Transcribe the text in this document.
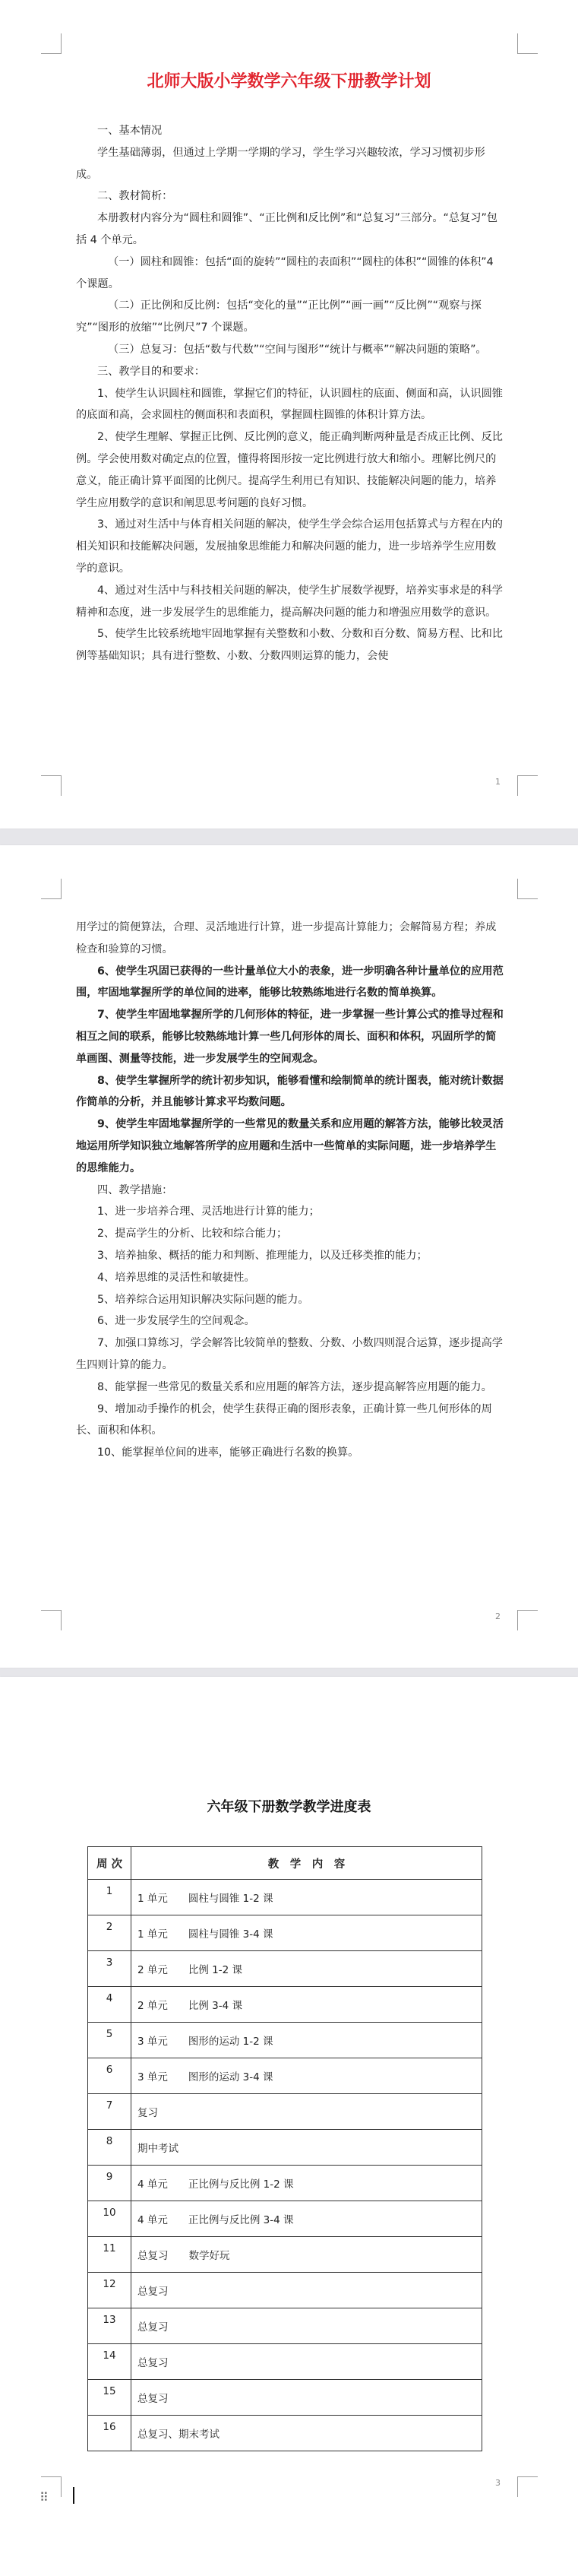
1
北师大版小学数学六年级下册教学计划

一、基本情况

学生基础薄弱，但通过上学期一学期的学习，学生学习兴趣较浓，学习习惯初步形成。

二、教材简析：

本册教材内容分为“圆柱和圆锥”、“正比例和反比例”和“总复习”三部分。“总复习”包括 4 个单元。

（一）圆柱和圆锥：包括“面的旋转”“圆柱的表面积”“圆柱的体积”“圆锥的体积”4 个课题。

（二）正比例和反比例：包括“变化的量”“正比例”“画一画”“反比例”“观察与探究”“图形的放缩”“比例尺”7 个课题。

（三）总复习：包括“数与代数”“空间与图形”“统计与概率”“解决问题的策略”。

三、教学目的和要求：

1、使学生认识圆柱和圆锥，掌握它们的特征，认识圆柱的底面、侧面和高，认识圆锥的底面和高，会求圆柱的侧面积和表面积，掌握圆柱圆锥的体积计算方法。

2、使学生理解、掌握正比例、反比例的意义，能正确判断两种量是否成正比例、反比例。学会使用数对确定点的位置，懂得将图形按一定比例进行放大和缩小。理解比例尺的意义，能正确计算平面图的比例尺。提高学生利用已有知识、技能解决问题的能力，培养学生应用数学的意识和阐思思考问题的良好习惯。

3、通过对生活中与体育相关问题的解决，使学生学会综合运用包括算式与方程在内的相关知识和技能解决问题，发展抽象思维能力和解决问题的能力，进一步培养学生应用数学的意识。

4、通过对生活中与科技相关问题的解决，使学生扩展数学视野，培养实事求是的科学精神和态度，进一步发展学生的思维能力，提高解决问题的能力和增强应用数学的意识。

5、使学生比较系统地牢固地掌握有关整数和小数、分数和百分数、简易方程、比和比例等基础知识；具有进行整数、小数、分数四则运算的能力，会使

2

用学过的简便算法，合理、灵活地进行计算，进一步提高计算能力；会解简易方程；养成检查和验算的习惯。

6、使学生巩固已获得的一些计量单位大小的表象，进一步明确各种计量单位的应用范围，牢固地掌握所学的单位间的进率，能够比较熟练地进行名数的简单换算。

7、使学生牢固地掌握所学的几何形体的特征，进一步掌握一些计算公式的推导过程和相互之间的联系，能够比较熟练地计算一些几何形体的周长、面积和体积，巩固所学的简单画图、测量等技能，进一步发展学生的空间观念。

8、使学生掌握所学的统计初步知识，能够看懂和绘制简单的统计图表，能对统计数据作简单的分析，并且能够计算求平均数问题。

9、使学生牢固地掌握所学的一些常见的数量关系和应用题的解答方法，能够比较灵活地运用所学知识独立地解答所学的应用题和生活中一些简单的实际问题，进一步培养学生的思维能力。

四、教学措施：

1、进一步培养合理、灵活地进行计算的能力；

2、提高学生的分析、比较和综合能力；

3、培养抽象、概括的能力和判断、推理能力，以及迁移类推的能力；

4、培养思维的灵活性和敏捷性。

5、培养综合运用知识解决实际问题的能力。

6、进一步发展学生的空间观念。

7、加强口算练习，学会解答比较简单的整数、分数、小数四则混合运算，逐步提高学生四则计算的能力。

8、能掌握一些常见的数量关系和应用题的解答方法，逐步提高解答应用题的能力。

9、增加动手操作的机会，使学生获得正确的图形表象，正确计算一些几何形体的周长、面积和体积。

10、能掌握单位间的进率，能够正确进行名数的换算。

3
六年级下册数学教学进度表
周 次	教　学　内　容
1	1 单元　　圆柱与圆锥 1-2 课
2	1 单元　　圆柱与圆锥 3-4 课
3	2 单元　　比例 1-2 课
4	2 单元　　比例 3-4 课
5	3 单元　　图形的运动 1-2 课
6	3 单元　　图形的运动 3-4 课
7	复习
8	期中考试
9	4 单元　　正比例与反比例 1-2 课
10	4 单元　　正比例与反比例 3-4 课
11	总复习　　数学好玩
12	总复习
13	总复习
14	总复习
15	总复习
16	总复习、期末考试
⠿
